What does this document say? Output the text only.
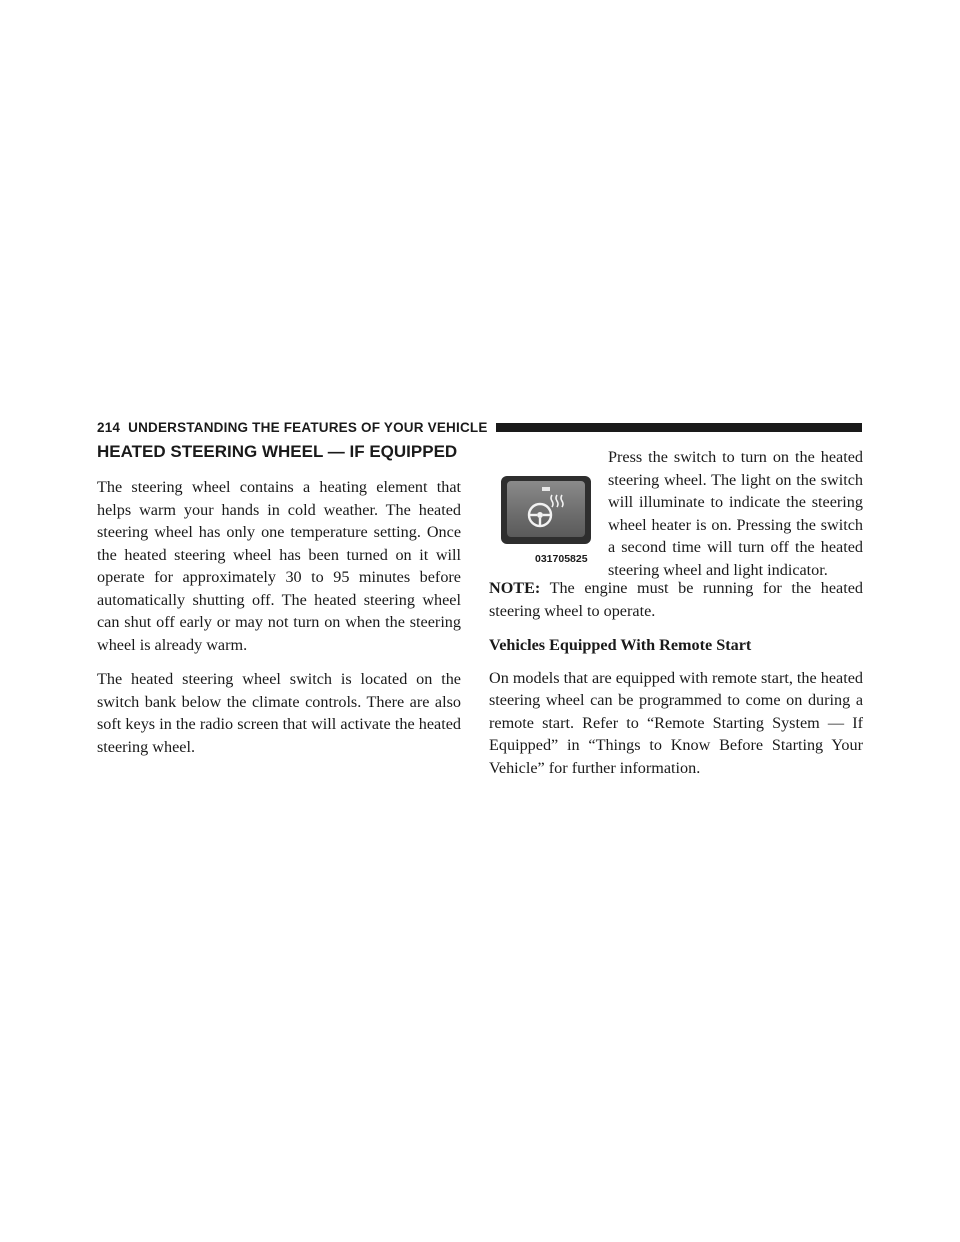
214 UNDERSTANDING THE FEATURES OF YOUR VEHICLE
HEATED STEERING WHEEL — IF EQUIPPED

The steering wheel contains a heating element that helps warm your hands in cold weather. The heated steering wheel has only one temperature setting. Once the heated steering wheel has been turned on it will operate for approximately 30 to 95 minutes before automatically shutting off. The heated steering wheel can shut off early or may not turn on when the steering wheel is already warm.

The heated steering wheel switch is located on the switch bank below the climate controls. There are also soft keys in the radio screen that will activate the heated steering wheel.

031705825

Press the switch to turn on the heated steering wheel. The light on the switch will illuminate to indicate the steering wheel heater is on. Pressing the switch a second time will turn off the heated steering wheel and light indicator.

NOTE: The engine must be running for the heated steering wheel to operate.

Vehicles Equipped With Remote Start

On models that are equipped with remote start, the heated steering wheel can be programmed to come on during a remote start. Refer to “Remote Starting System — If Equipped” in “Things to Know Before Starting Your Vehicle” for further information.
